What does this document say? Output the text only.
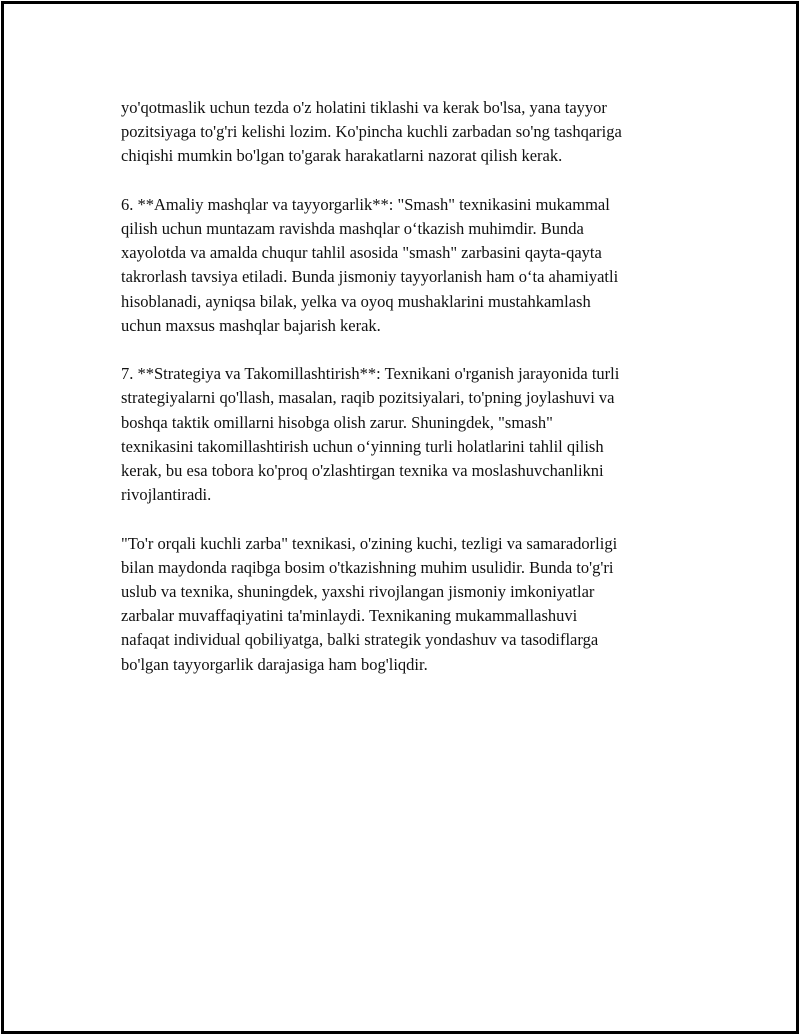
yo'qotmaslik uchun tezda o'z holatini tiklashi va kerak bo'lsa, yana tayyor
pozitsiyaga to'g'ri kelishi lozim. Ko'pincha kuchli zarbadan so'ng tashqariga
chiqishi mumkin bo'lgan to'garak harakatlarni nazorat qilish kerak.

6. **Amaliy mashqlar va tayyorgarlik**: "Smash" texnikasini mukammal
qilish uchun muntazam ravishda mashqlar o‘tkazish muhimdir. Bunda
xayolotda va amalda chuqur tahlil asosida "smash" zarbasini qayta-qayta
takrorlash tavsiya etiladi. Bunda jismoniy tayyorlanish ham o‘ta ahamiyatli
hisoblanadi, ayniqsa bilak, yelka va oyoq mushaklarini mustahkamlash
uchun maxsus mashqlar bajarish kerak.

7. **Strategiya va Takomillashtirish**: Texnikani o'rganish jarayonida turli
strategiyalarni qo'llash, masalan, raqib pozitsiyalari, to'pning joylashuvi va
boshqa taktik omillarni hisobga olish zarur. Shuningdek, "smash"
texnikasini takomillashtirish uchun o‘yinning turli holatlarini tahlil qilish
kerak, bu esa tobora ko'proq o'zlashtirgan texnika va moslashuvchanlikni
rivojlantiradi.

"To'r orqali kuchli zarba" texnikasi, o'zining kuchi, tezligi va samaradorligi
bilan maydonda raqibga bosim o'tkazishning muhim usulidir. Bunda to'g'ri
uslub va texnika, shuningdek, yaxshi rivojlangan jismoniy imkoniyatlar
zarbalar muvaffaqiyatini ta'minlaydi. Texnikaning mukammallashuvi
nafaqat individual qobiliyatga, balki strategik yondashuv va tasodiflarga
bo'lgan tayyorgarlik darajasiga ham bog'liqdir.
